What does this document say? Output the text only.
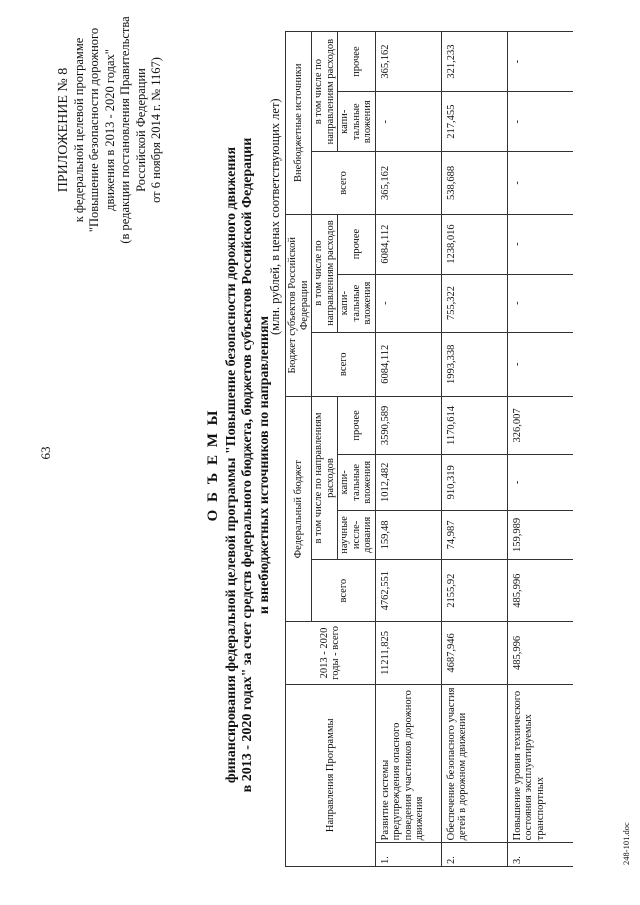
63
ПРИЛОЖЕНИЕ № 8 к федеральной целевой программе "Повышение безопасности дорожного движения в 2013 - 2020 годах" (в редакции постановления Правительства Российской Федерации от 6 ноября 2014 г. № 1167)
О Б Ъ Е М Ы финансирования федеральной целевой программы "Повышение безопасности дорожного движения в 2013 - 2020 годах" за счет средств федерального бюджета, бюджетов субъектов Российской Федерации и внебюджетных источников по направлениям
(млн. рублей, в ценах соответствующих лет)
Направления Программы		2013 - 2020 годы - всего	Федеральный бюджет				Бюджет субъектов Российской Федерации			Внебюджетные источники		
			всего	в том числе по направлениям расходов			всего	в том числе по направлениям расходов		всего	в том числе по направлениям расходов	
				научные иссле-дования	капи-тальные вложения	прочее		капи-тальные вложения	прочее		капи-тальные вложения	прочее
1.	Развитие системы предупреждения опасного поведения участников дорожного движения	11211,825	4762,551	159,48	1012,482	3590,589	6084,112	-	6084,112	365,162	-	365,162
2.	Обеспечение безопасного участия детей в дорожном движении	4687,946	2155,92	74,987	910,319	1170,614	1993,338	755,322	1238,016	538,688	217,455	321,233
3.	Повышение уровня технического состояния эксплуатируемых транспортных	485,996	485,996	159,989	-	326,007	-	-	-	-	-	-
248-101.doc
